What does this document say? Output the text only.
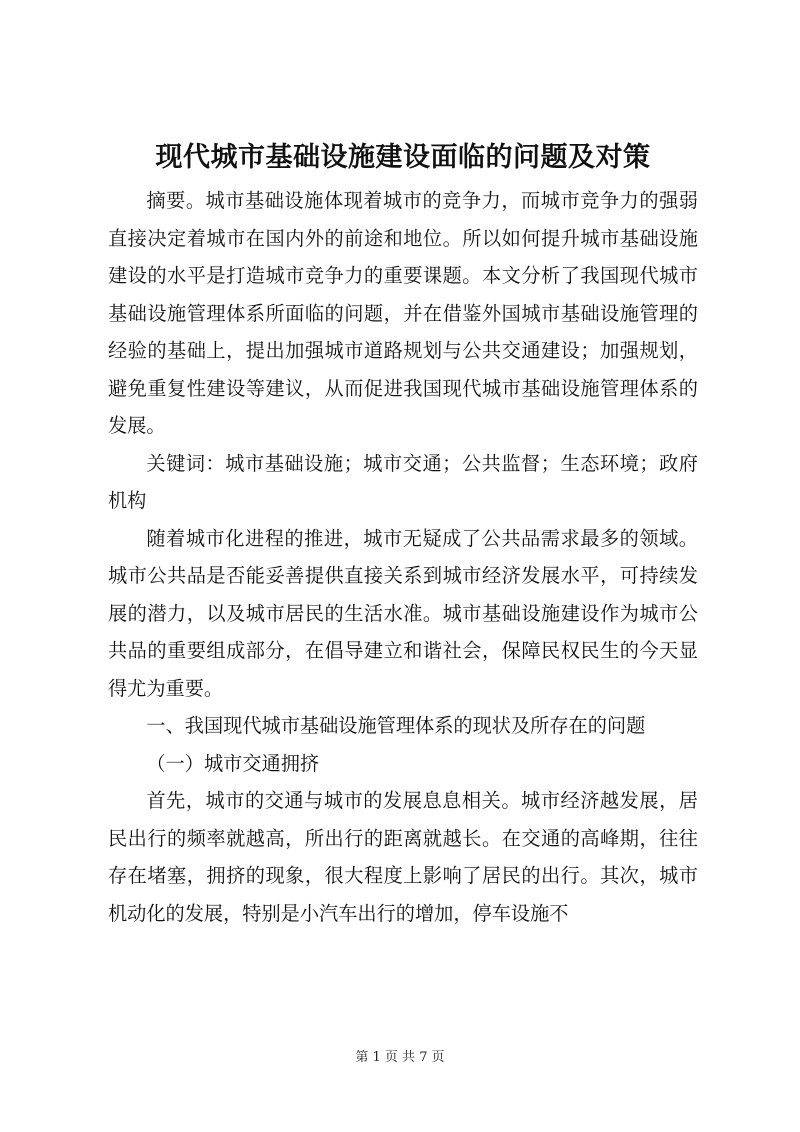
现代城市基础设施建设面临的问题及对策

摘要。城市基础设施体现着城市的竞争力，而城市竞争力的强弱直接决定着城市在国内外的前途和地位。所以如何提升城市基础设施建设的水平是打造城市竞争力的重要课题。本文分析了我国现代城市基础设施管理体系所面临的问题，并在借鉴外国城市基础设施管理的经验的基础上，提出加强城市道路规划与公共交通建设；加强规划，避免重复性建设等建议，从而促进我国现代城市基础设施管理体系的发展。

关键词：城市基础设施；城市交通；公共监督；生态环境；政府机构

随着城市化进程的推进，城市无疑成了公共品需求最多的领域。城市公共品是否能妥善提供直接关系到城市经济发展水平，可持续发展的潜力，以及城市居民的生活水准。城市基础设施建设作为城市公共品的重要组成部分，在倡导建立和谐社会，保障民权民生的今天显得尤为重要。

一、我国现代城市基础设施管理体系的现状及所存在的问题

（一）城市交通拥挤

首先，城市的交通与城市的发展息息相关。城市经济越发展，居民出行的频率就越高，所出行的距离就越长。在交通的高峰期，往往存在堵塞，拥挤的现象，很大程度上影响了居民的出行。其次，城市机动化的发展，特别是小汽车出行的增加，停车设施不

第 1 页 共 7 页
